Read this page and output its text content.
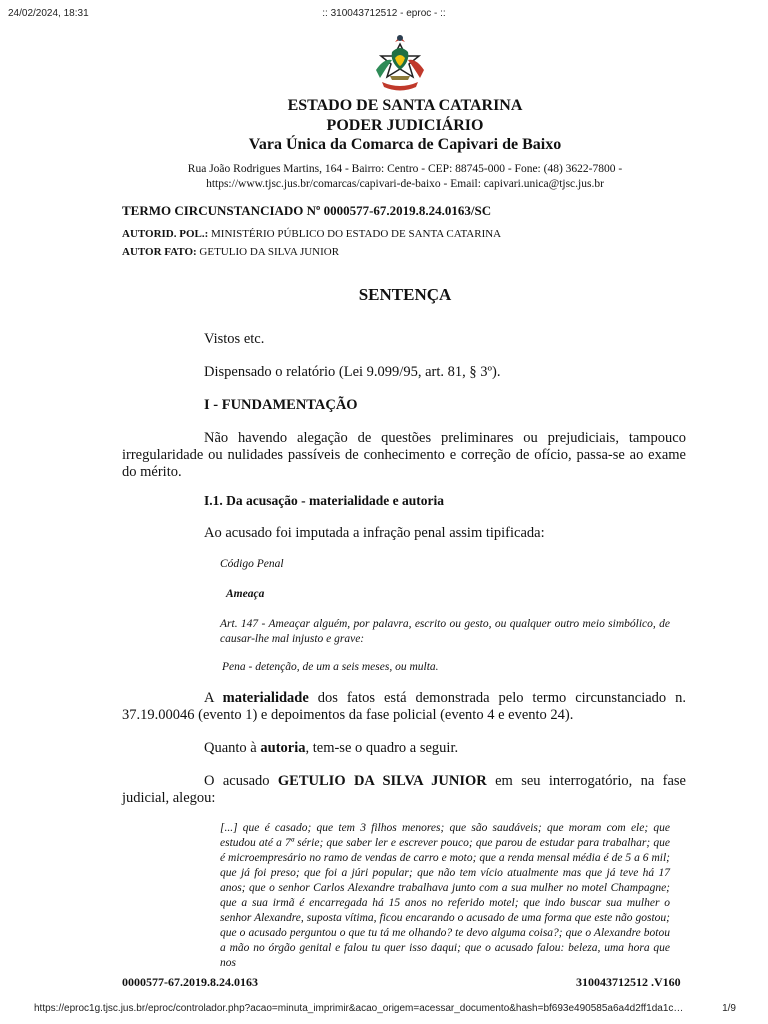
24/02/2024, 18:31	:: 310043712512 - eproc - ::
ESTADO DE SANTA CATARINA
PODER JUDICIÁRIO
Vara Única da Comarca de Capivari de Baixo
Rua João Rodrigues Martins, 164 - Bairro: Centro - CEP: 88745-000 - Fone: (48) 3622-7800 -
https://www.tjsc.jus.br/comarcas/capivari-de-baixo - Email: capivari.unica@tjsc.jus.br
TERMO CIRCUNSTANCIADO Nº 0000577-67.2019.8.24.0163/SC
AUTORID. POL.: MINISTÉRIO PÚBLICO DO ESTADO DE SANTA CATARINA
AUTOR FATO: GETULIO DA SILVA JUNIOR
SENTENÇA
Vistos etc.
Dispensado o relatório (Lei 9.099/95, art. 81, § 3º).
I - FUNDAMENTAÇÃO
Não havendo alegação de questões preliminares ou prejudiciais, tampouco irregularidade ou nulidades passíveis de conhecimento e correção de ofício, passa-se ao exame do mérito.
I.1. Da acusação - materialidade e autoria
Ao acusado foi imputada a infração penal assim tipificada:
Código Penal
Ameaça
Art. 147 - Ameaçar alguém, por palavra, escrito ou gesto, ou qualquer outro meio simbólico, de causar-lhe mal injusto e grave:
Pena - detenção, de um a seis meses, ou multa.
A materialidade dos fatos está demonstrada pelo termo circunstanciado n. 37.19.00046 (evento 1) e depoimentos da fase policial (evento 4 e evento 24).
Quanto à autoria, tem-se o quadro a seguir.
O acusado GETULIO DA SILVA JUNIOR em seu interrogatório, na fase judicial, alegou:
[...] que é casado; que tem 3 filhos menores; que são saudáveis; que moram com ele; que estudou até a 7ª série; que saber ler e escrever pouco; que parou de estudar para trabalhar; que é microempresário no ramo de vendas de carro e moto; que a renda mensal média é de 5 a 6 mil; que já foi preso; que foi a júri popular; que não tem vício atualmente mas que já teve há 17 anos; que o senhor Carlos Alexandre trabalhava junto com a sua mulher no motel Champagne; que a sua irmã é encarregada há 15 anos no referido motel; que indo buscar sua mulher o senhor Alexandre, suposta vítima, ficou encarando o acusado de uma forma que este não gostou; que o acusado perguntou o que tu tá me olhando? te devo alguma coisa?; que o Alexandre botou a mão no órgão genital e falou tu quer isso daqui; que o acusado falou: beleza, uma hora que nos
0000577-67.2019.8.24.0163	310043712512 .V160
https://eproc1g.tjsc.jus.br/eproc/controlador.php?acao=minuta_imprimir&acao_origem=acessar_documento&hash=bf693e490585a6a4d2ff1da1c…	1/9
